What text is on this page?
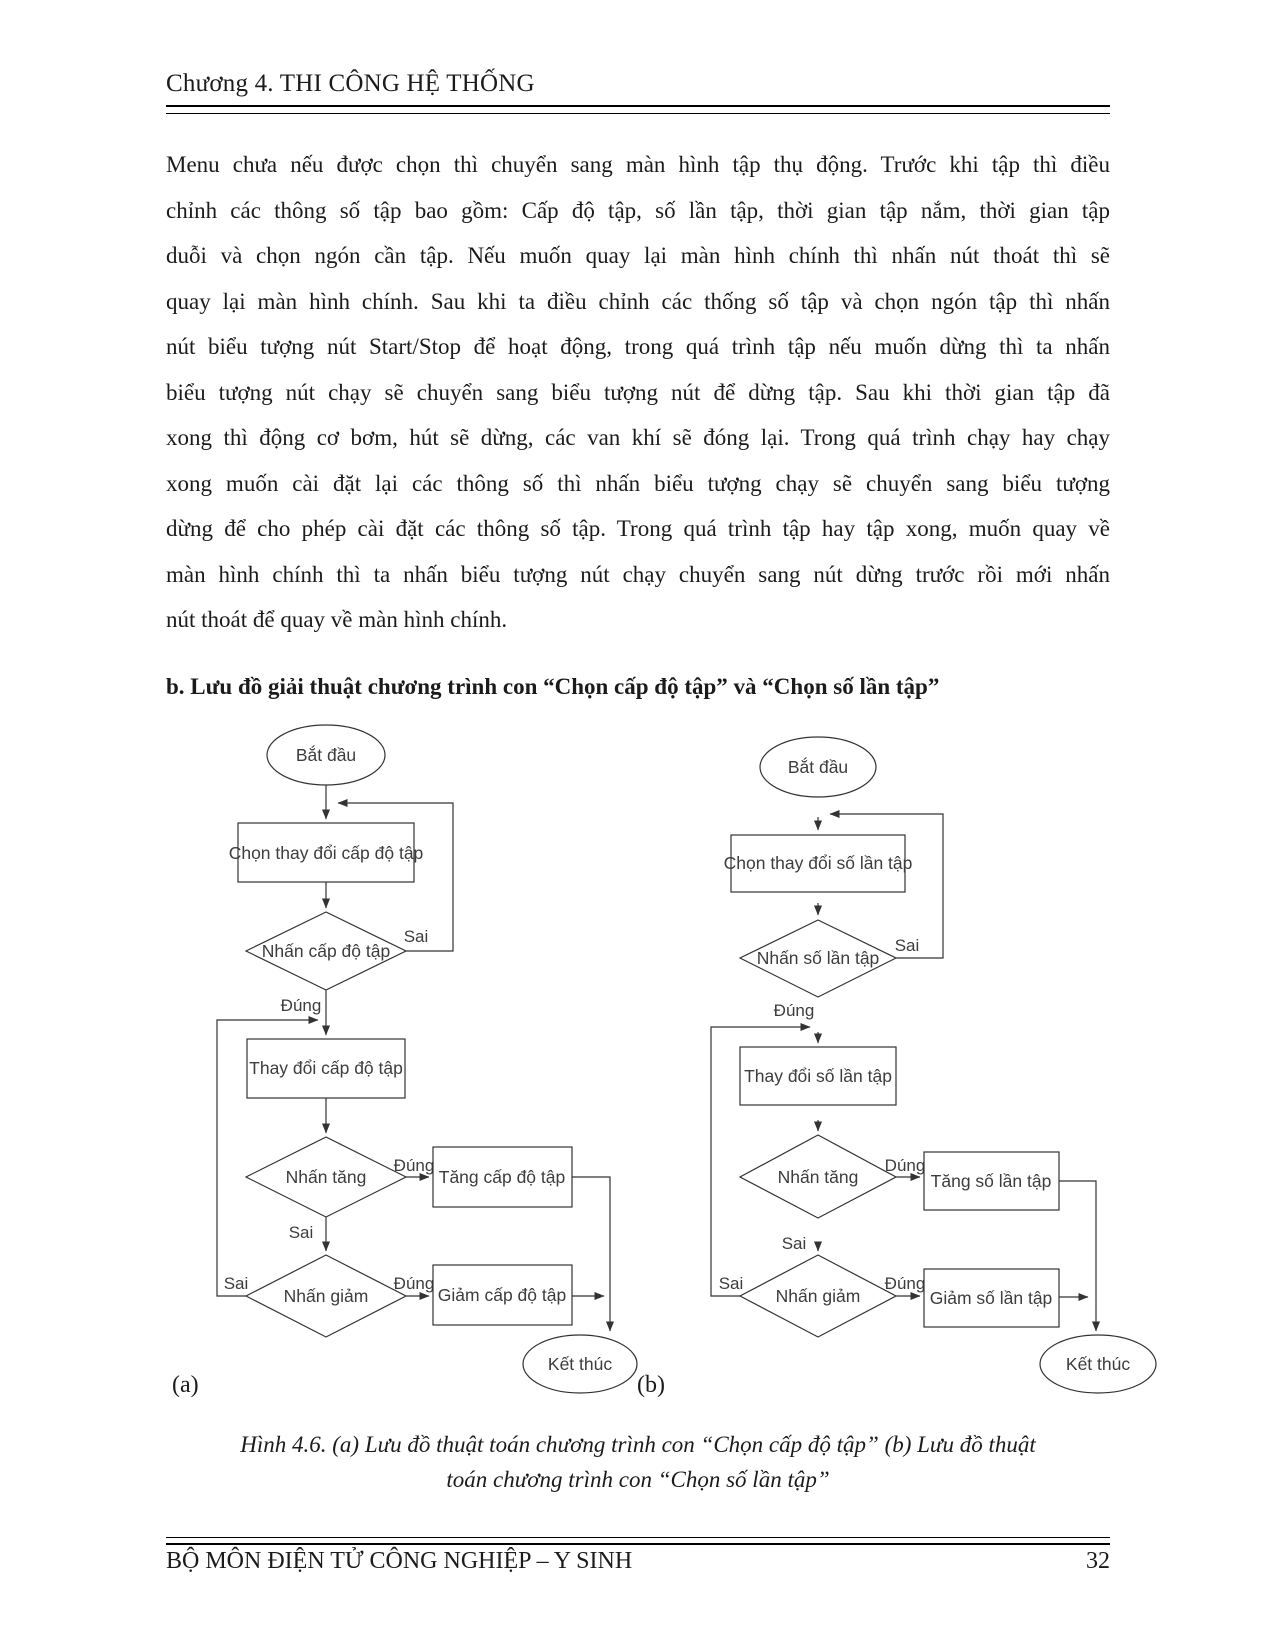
Chương 4. THI CÔNG HỆ THỐNG
Menu chưa nếu được chọn thì chuyển sang màn hình tập thụ động. Trước khi tập thì điều
chỉnh các thông số tập bao gồm: Cấp độ tập, số lần tập, thời gian tập nắm, thời gian tập
duỗi và chọn ngón cần tập. Nếu muốn quay lại màn hình chính thì nhấn nút thoát thì sẽ
quay lại màn hình chính. Sau khi ta điều chỉnh các thống số tập và chọn ngón tập thì nhấn
nút biểu tượng nút Start/Stop để hoạt động, trong quá trình tập nếu muốn dừng thì ta nhấn
biểu tượng nút chạy sẽ chuyển sang biểu tượng nút để dừng tập. Sau khi thời gian tập đã
xong thì động cơ bơm, hút sẽ dừng, các van khí sẽ đóng lại. Trong quá trình chạy hay chạy
xong muốn cài đặt lại các thông số thì nhấn biểu tượng chạy sẽ chuyển sang biểu tượng
dừng để cho phép cài đặt các thông số tập. Trong quá trình tập hay tập xong, muốn quay về
màn hình chính thì ta nhấn biểu tượng nút chạy chuyển sang nút dừng trước rồi mới nhấn
nút thoát để quay về màn hình chính.
b. Lưu đồ giải thuật chương trình con “Chọn cấp độ tập” và “Chọn số lần tập”
Bắt đầu
Chọn thay đổi cấp độ tập
Nhấn cấp độ tập
Sai
Đúng
Thay đổi cấp độ tập
Nhấn tăng
Đúng
Tăng cấp độ tập
Sai
Nhấn giảm
Sai	Đúng
Giảm cấp độ tập
Kết thúc
Bắt đầu
Chọn thay đổi số lần tập
Nhấn số lần tập
Sai
Đúng
Thay đổi số lần tập
Nhấn tăng
Dúng
Tăng số lần tập
Sai
Nhấn giảm
Sai	Đúng
Giảm số lần tập
Kết thúc
(a)	(b)
Hình 4.6. (a) Lưu đồ thuật toán chương trình con “Chọn cấp độ tập” (b) Lưu đồ thuật
toán chương trình con “Chọn số lần tập”
BỘ MÔN ĐIỆN TỬ CÔNG NGHIỆP – Y SINH	32
